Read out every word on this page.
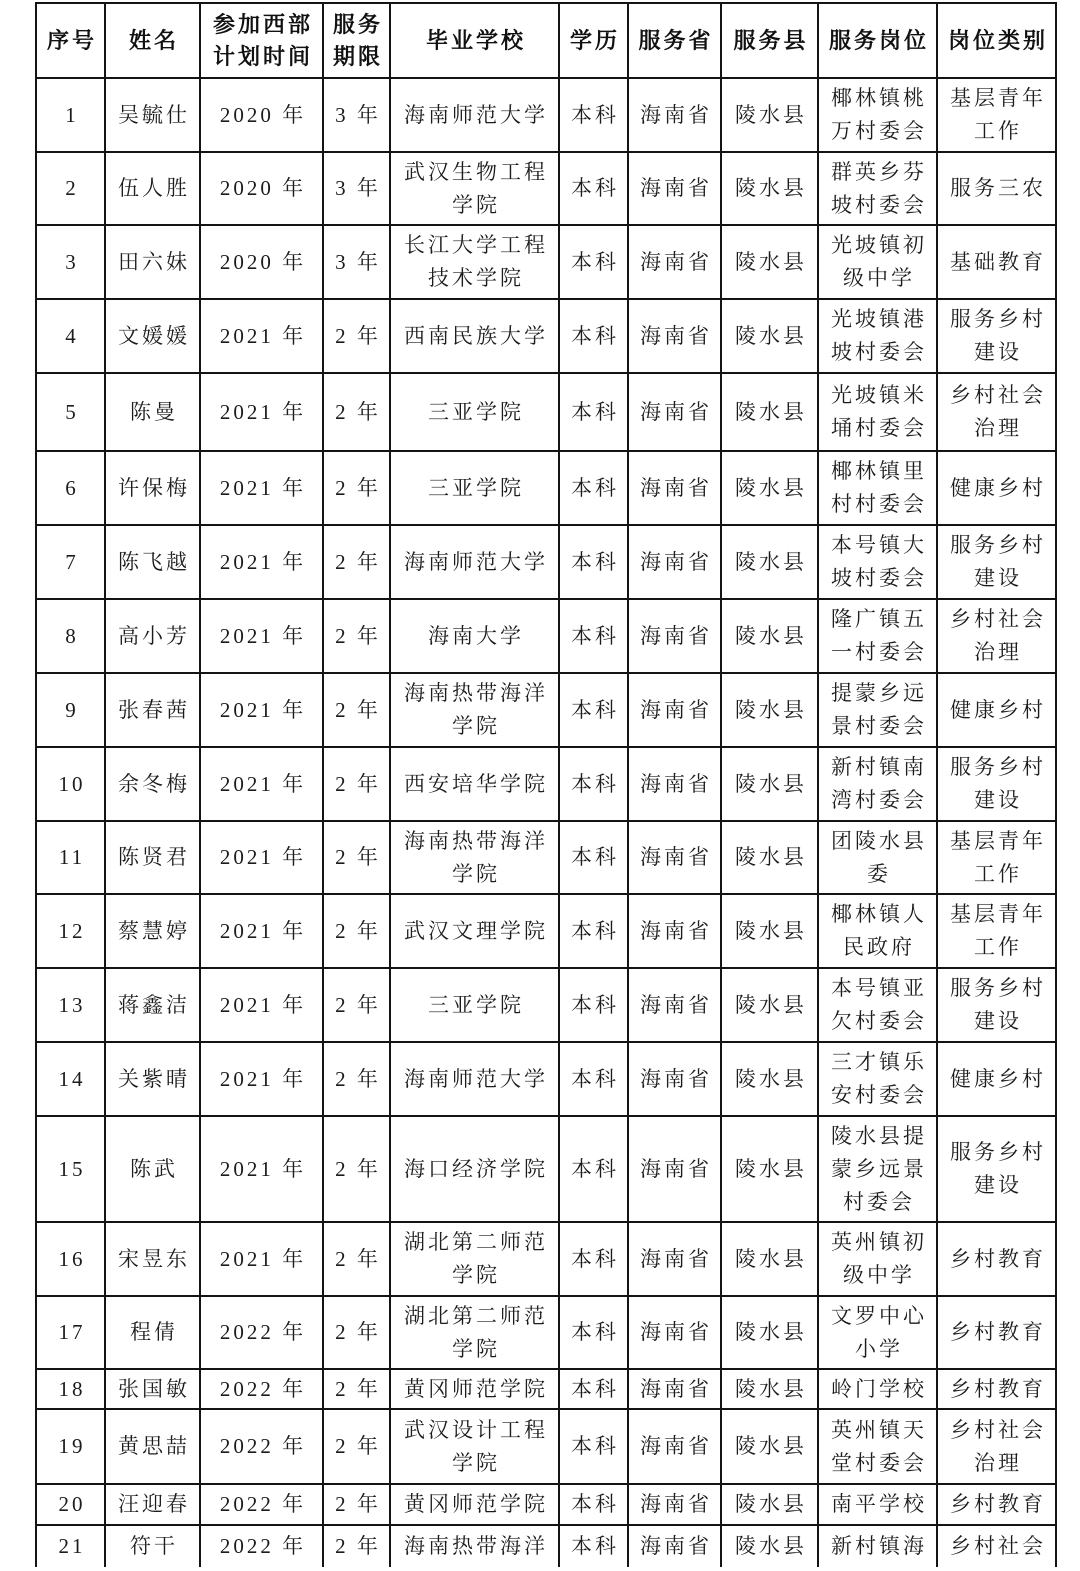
序号	姓名	参加西部计划时间	服务期限	毕业学校	学历	服务省	服务县	服务岗位	岗位类别
1	吴毓仕	2020 年	3 年	海南师范大学	本科	海南省	陵水县	椰林镇桃万村委会	基层青年工作
2	伍人胜	2020 年	3 年	武汉生物工程学院	本科	海南省	陵水县	群英乡芬坡村委会	服务三农
3	田六妹	2020 年	3 年	长江大学工程技术学院	本科	海南省	陵水县	光坡镇初级中学	基础教育
4	文媛媛	2021 年	2 年	西南民族大学	本科	海南省	陵水县	光坡镇港坡村委会	服务乡村建设
5	陈曼	2021 年	2 年	三亚学院	本科	海南省	陵水县	光坡镇米埇村委会	乡村社会治理
6	许保梅	2021 年	2 年	三亚学院	本科	海南省	陵水县	椰林镇里村村委会	健康乡村
7	陈飞越	2021 年	2 年	海南师范大学	本科	海南省	陵水县	本号镇大坡村委会	服务乡村建设
8	高小芳	2021 年	2 年	海南大学	本科	海南省	陵水县	隆广镇五一村委会	乡村社会治理
9	张春茜	2021 年	2 年	海南热带海洋学院	本科	海南省	陵水县	提蒙乡远景村委会	健康乡村
10	余冬梅	2021 年	2 年	西安培华学院	本科	海南省	陵水县	新村镇南湾村委会	服务乡村建设
11	陈贤君	2021 年	2 年	海南热带海洋学院	本科	海南省	陵水县	团陵水县委	基层青年工作
12	蔡慧婷	2021 年	2 年	武汉文理学院	本科	海南省	陵水县	椰林镇人民政府	基层青年工作
13	蒋鑫洁	2021 年	2 年	三亚学院	本科	海南省	陵水县	本号镇亚欠村委会	服务乡村建设
14	关紫晴	2021 年	2 年	海南师范大学	本科	海南省	陵水县	三才镇乐安村委会	健康乡村
15	陈武	2021 年	2 年	海口经济学院	本科	海南省	陵水县	陵水县提蒙乡远景村委会	服务乡村建设
16	宋昱东	2021 年	2 年	湖北第二师范学院	本科	海南省	陵水县	英州镇初级中学	乡村教育
17	程倩	2022 年	2 年	湖北第二师范学院	本科	海南省	陵水县	文罗中心小学	乡村教育
18	张国敏	2022 年	2 年	黄冈师范学院	本科	海南省	陵水县	岭门学校	乡村教育
19	黄思喆	2022 年	2 年	武汉设计工程学院	本科	海南省	陵水县	英州镇天堂村委会	乡村社会治理
20	汪迎春	2022 年	2 年	黄冈师范学院	本科	海南省	陵水县	南平学校	乡村教育
21	符干	2022 年	2 年	海南热带海洋	本科	海南省	陵水县	新村镇海	乡村社会
